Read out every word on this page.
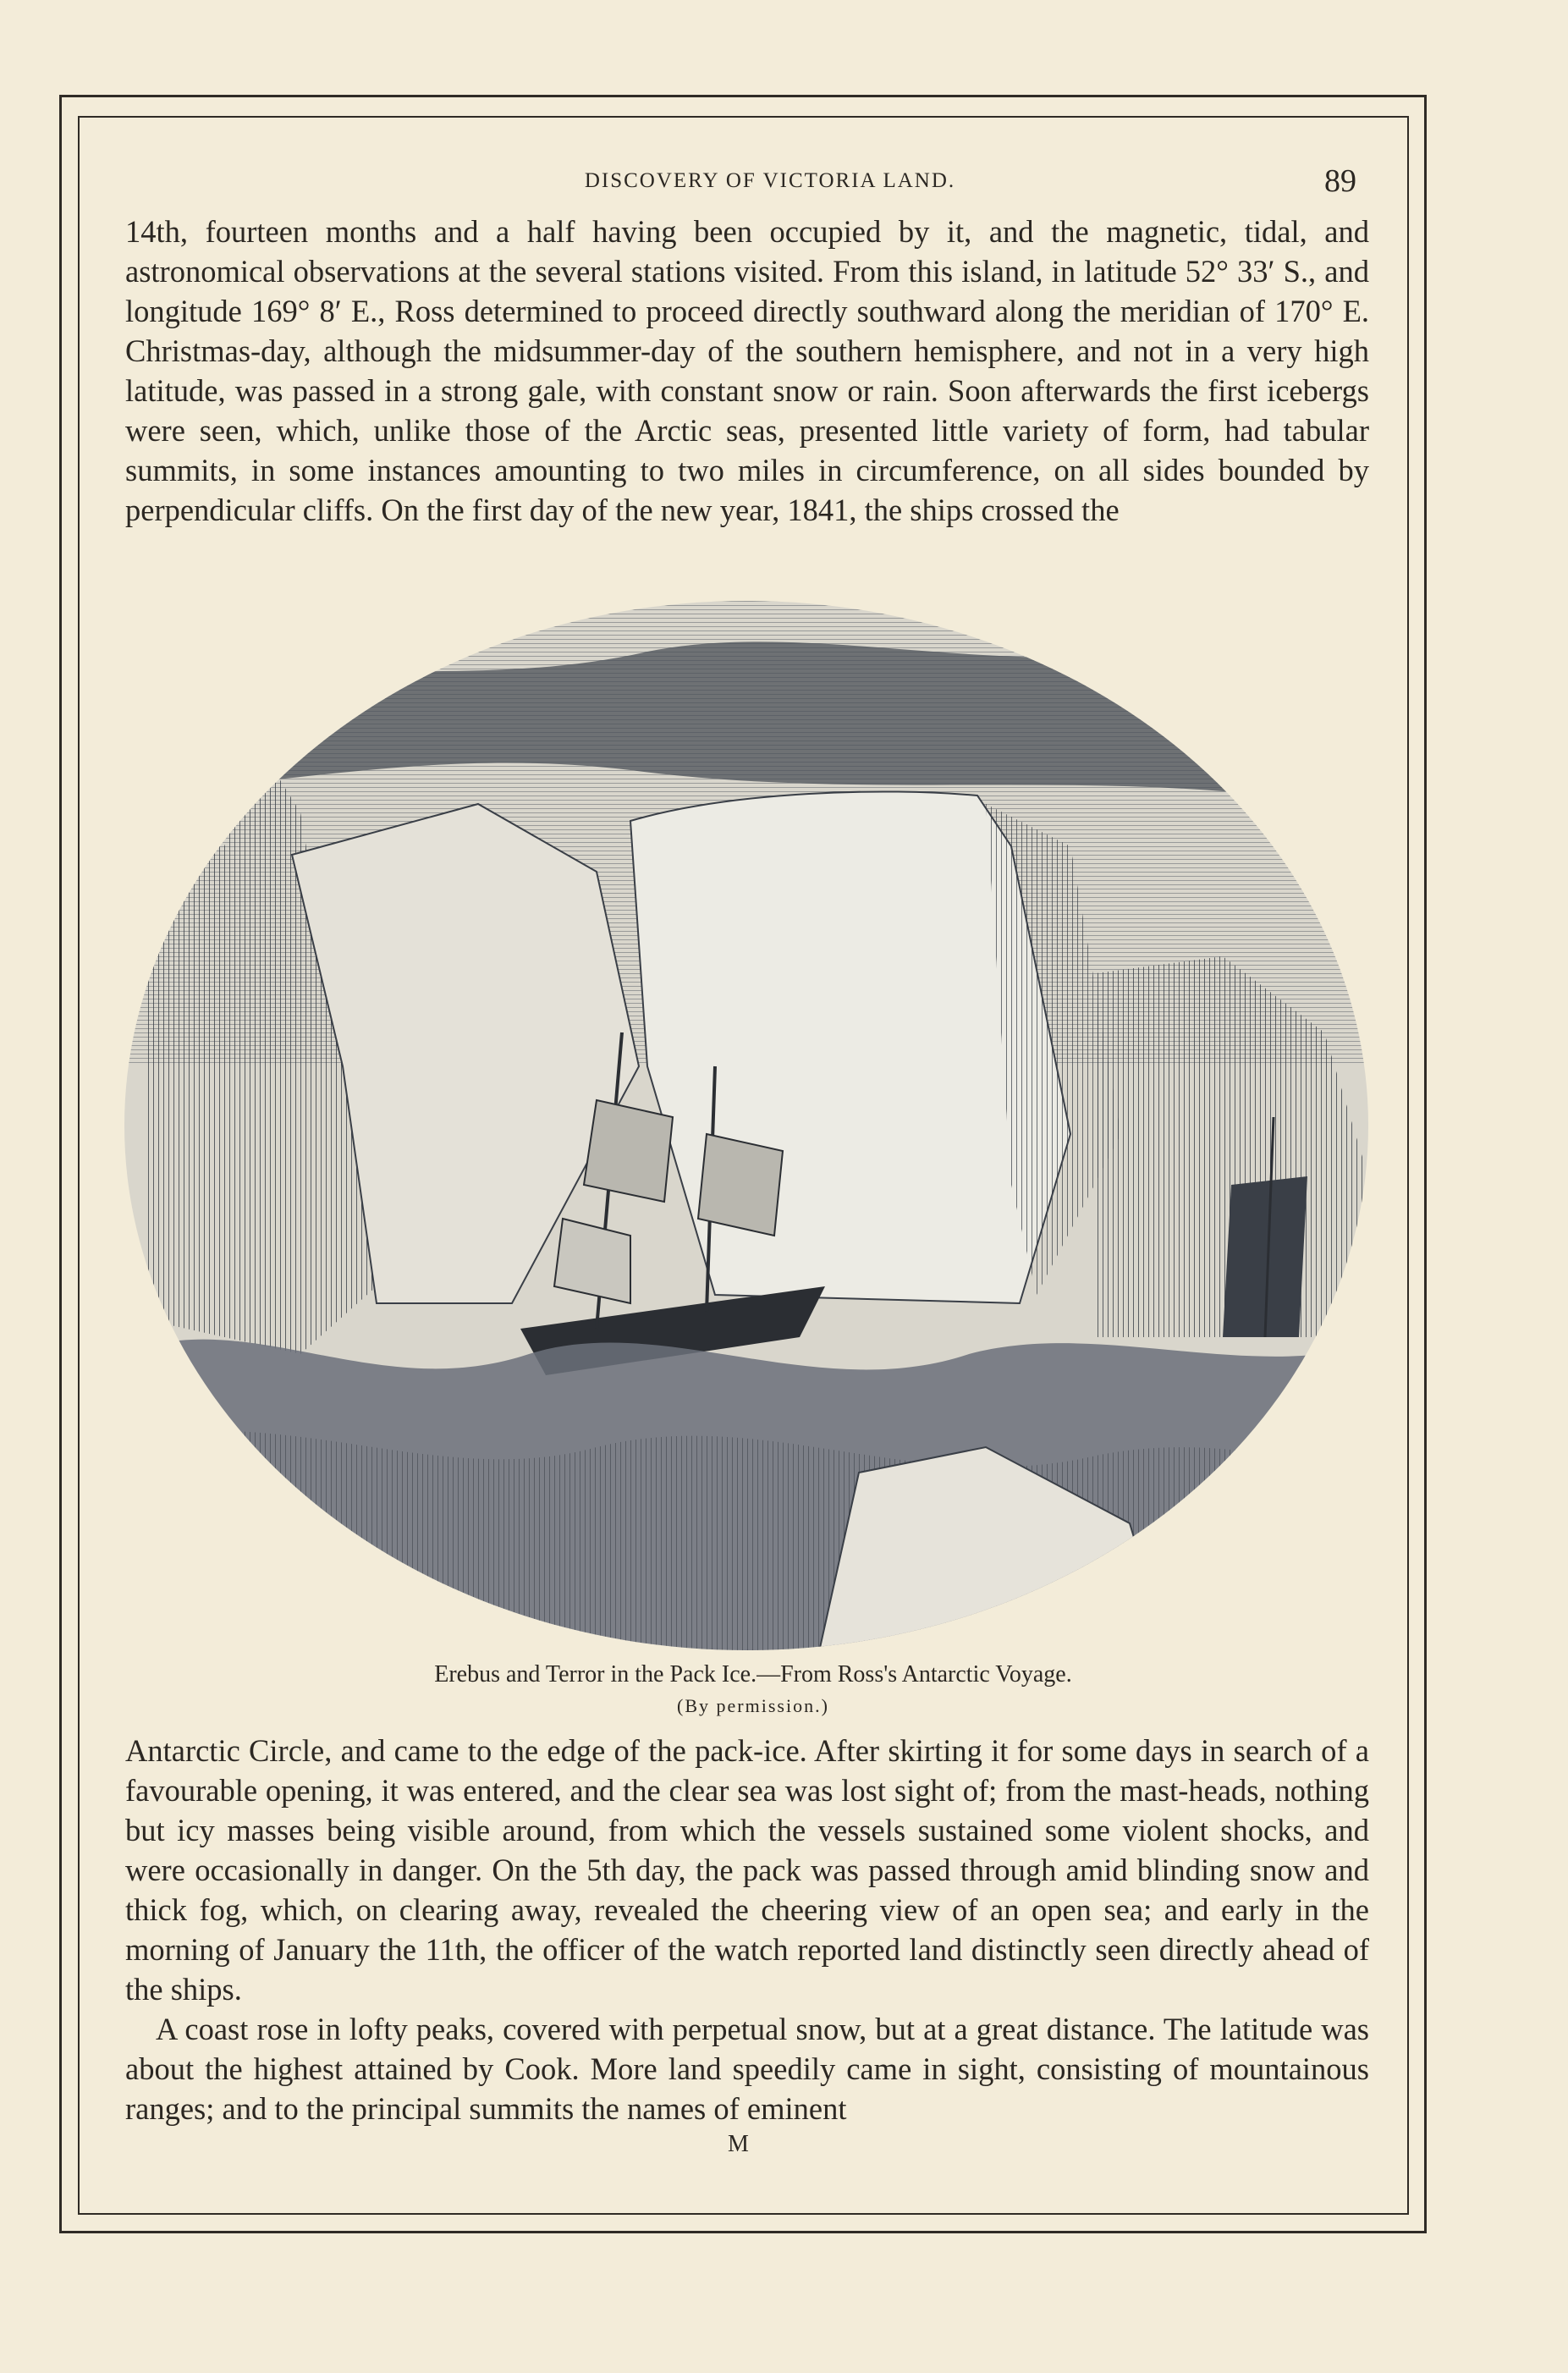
DISCOVERY OF VICTORIA LAND.	89

14th, fourteen months and a half having been occupied by it, and the magnetic, tidal, and astronomical observations at the several stations visited. From this island, in latitude 52° 33′ S., and longitude 169° 8′ E., Ross determined to proceed directly southward along the meridian of 170° E. Christmas-day, although the midsummer-day of the southern hemisphere, and not in a very high latitude, was passed in a strong gale, with constant snow or rain. Soon afterwards the first icebergs were seen, which, unlike those of the Arctic seas, presented little variety of form, had tabular summits, in some instances amounting to two miles in circumference, on all sides bounded by perpendicular cliffs. On the first day of the new year, 1841, the ships crossed the

Erebus and Terror in the Pack Ice.—From Ross's Antarctic Voyage.
(By permission.)

Antarctic Circle, and came to the edge of the pack-ice. After skirting it for some days in search of a favourable opening, it was entered, and the clear sea was lost sight of; from the mast-heads, nothing but icy masses being visible around, from which the vessels sustained some violent shocks, and were occasionally in danger. On the 5th day, the pack was passed through amid blinding snow and thick fog, which, on clearing away, revealed the cheering view of an open sea; and early in the morning of January the 11th, the officer of the watch reported land distinctly seen directly ahead of the ships.

A coast rose in lofty peaks, covered with perpetual snow, but at a great distance. The latitude was about the highest attained by Cook. More land speedily came in sight, consisting of mountainous ranges; and to the principal summits the names of eminent

M
